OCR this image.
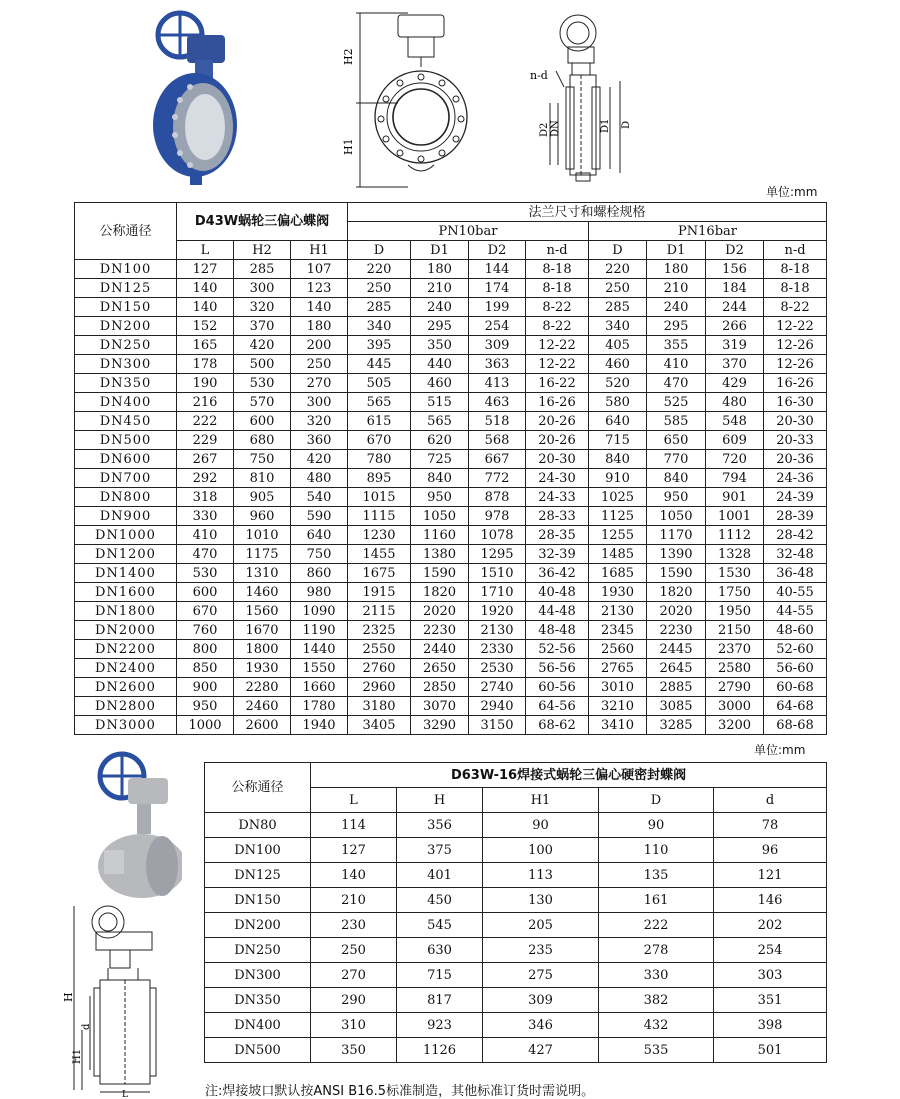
H2
H1
n-d
D2 DN	D1 D
单位:mm
公称通径	D43W蜗轮三偏心蝶阀			法兰尺寸和螺栓规格							
				PN10bar				PN16bar			
	L	H2	H1	D	D1	D2	n-d	D	D1	D2	n-d
DN100	127	285	107	220	180	144	8-18	220	180	156	8-18
DN125	140	300	123	250	210	174	8-18	250	210	184	8-18
DN150	140	320	140	285	240	199	8-22	285	240	244	8-22
DN200	152	370	180	340	295	254	8-22	340	295	266	12-22
DN250	165	420	200	395	350	309	12-22	405	355	319	12-26
DN300	178	500	250	445	440	363	12-22	460	410	370	12-26
DN350	190	530	270	505	460	413	16-22	520	470	429	16-26
DN400	216	570	300	565	515	463	16-26	580	525	480	16-30
DN450	222	600	320	615	565	518	20-26	640	585	548	20-30
DN500	229	680	360	670	620	568	20-26	715	650	609	20-33
DN600	267	750	420	780	725	667	20-30	840	770	720	20-36
DN700	292	810	480	895	840	772	24-30	910	840	794	24-36
DN800	318	905	540	1015	950	878	24-33	1025	950	901	24-39
DN900	330	960	590	1115	1050	978	28-33	1125	1050	1001	28-39
DN1000	410	1010	640	1230	1160	1078	28-35	1255	1170	1112	28-42
DN1200	470	1175	750	1455	1380	1295	32-39	1485	1390	1328	32-48
DN1400	530	1310	860	1675	1590	1510	36-42	1685	1590	1530	36-48
DN1600	600	1460	980	1915	1820	1710	40-48	1930	1820	1750	40-55
DN1800	670	1560	1090	2115	2020	1920	44-48	2130	2020	1950	44-55
DN2000	760	1670	1190	2325	2230	2130	48-48	2345	2230	2150	48-60
DN2200	800	1800	1440	2550	2440	2330	52-56	2560	2445	2370	52-60
DN2400	850	1930	1550	2760	2650	2530	56-56	2765	2645	2580	56-60
DN2600	900	2280	1660	2960	2850	2740	60-56	3010	2885	2790	60-68
DN2800	950	2460	1780	3180	3070	2940	64-56	3210	3085	3000	64-68
DN3000	1000	2600	1940	3405	3290	3150	68-62	3410	3285	3200	68-68
单位:mm
H
H1
d
L
公称通径	D63W-16焊接式蜗轮三偏心硬密封蝶阀				
	L	H	H1	D	d
DN80	114	356	90	90	78
DN100	127	375	100	110	96
DN125	140	401	113	135	121
DN150	210	450	130	161	146
DN200	230	545	205	222	202
DN250	250	630	235	278	254
DN300	270	715	275	330	303
DN350	290	817	309	382	351
DN400	310	923	346	432	398
DN500	350	1126	427	535	501
注:焊接坡口默认按ANSI B16.5标准制造，其他标准订货时需说明。
